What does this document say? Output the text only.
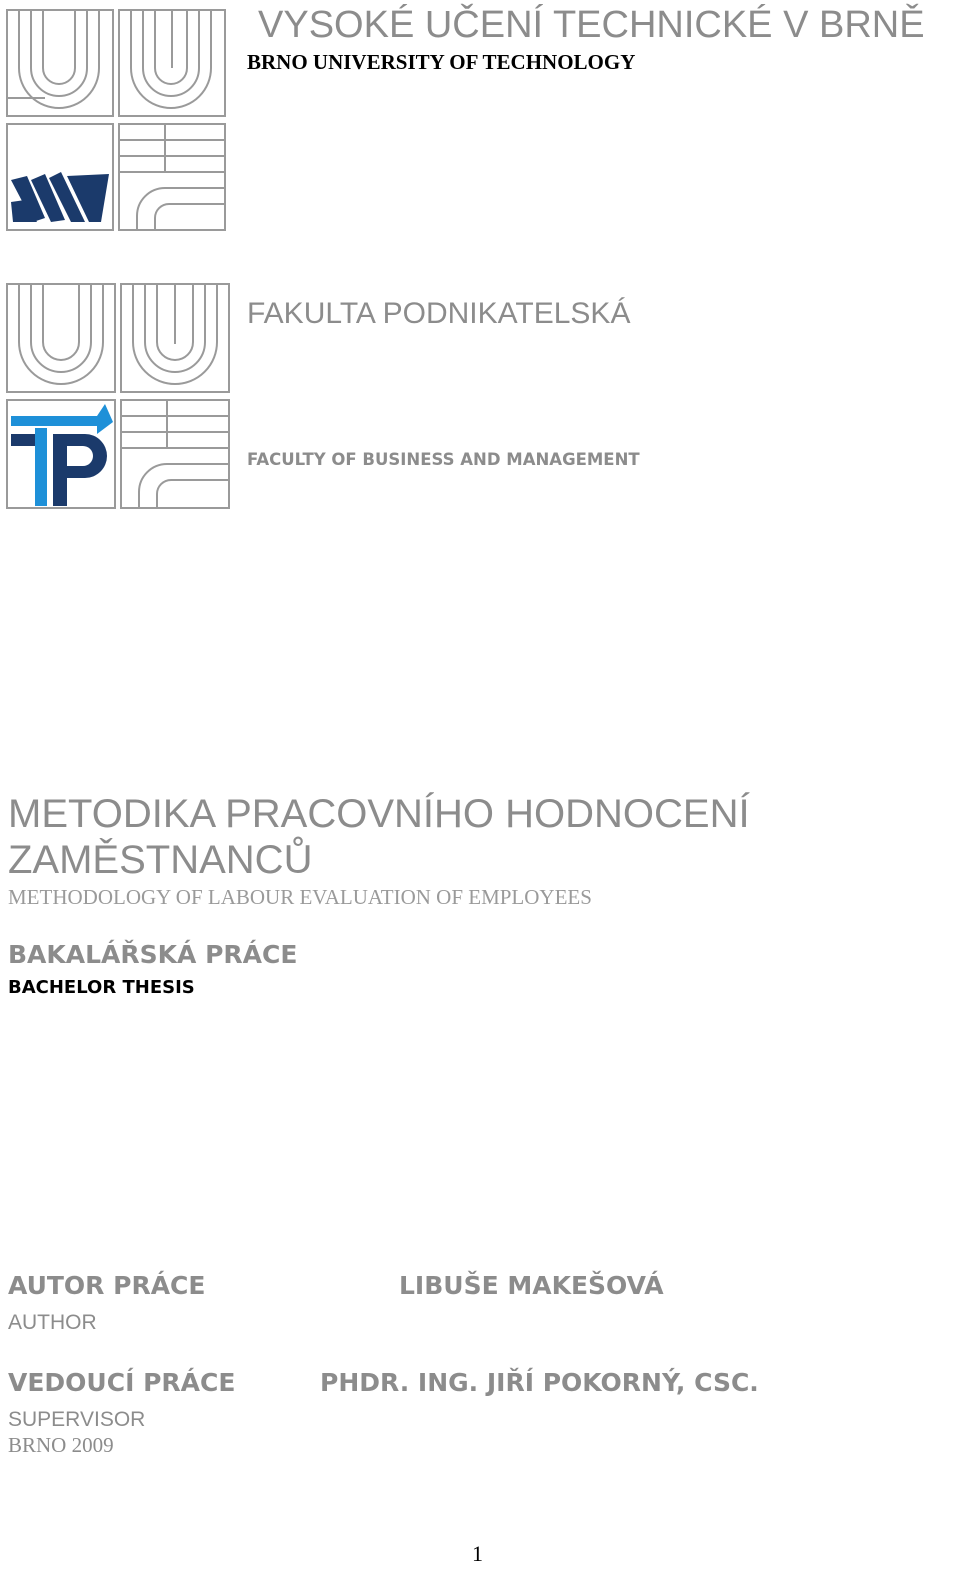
VYSOKÉ UČENÍ TECHNICKÉ V BRNĚ
BRNO UNIVERSITY OF TECHNOLOGY
FAKULTA PODNIKATELSKÁ
FACULTY OF BUSINESS AND MANAGEMENT
METODIKA PRACOVNÍHO HODNOCENÍ
ZAMĚSTNANCŮ
METHODOLOGY OF LABOUR EVALUATION OF EMPLOYEES
BAKALÁŘSKÁ PRÁCE
BACHELOR THESIS
AUTOR PRÁCE
AUTHOR
LIBUŠE MAKEŠOVÁ
VEDOUCÍ PRÁCE
SUPERVISOR
PHDR. ING. JIŘÍ POKORNÝ, CSC.
BRNO 2009
1
